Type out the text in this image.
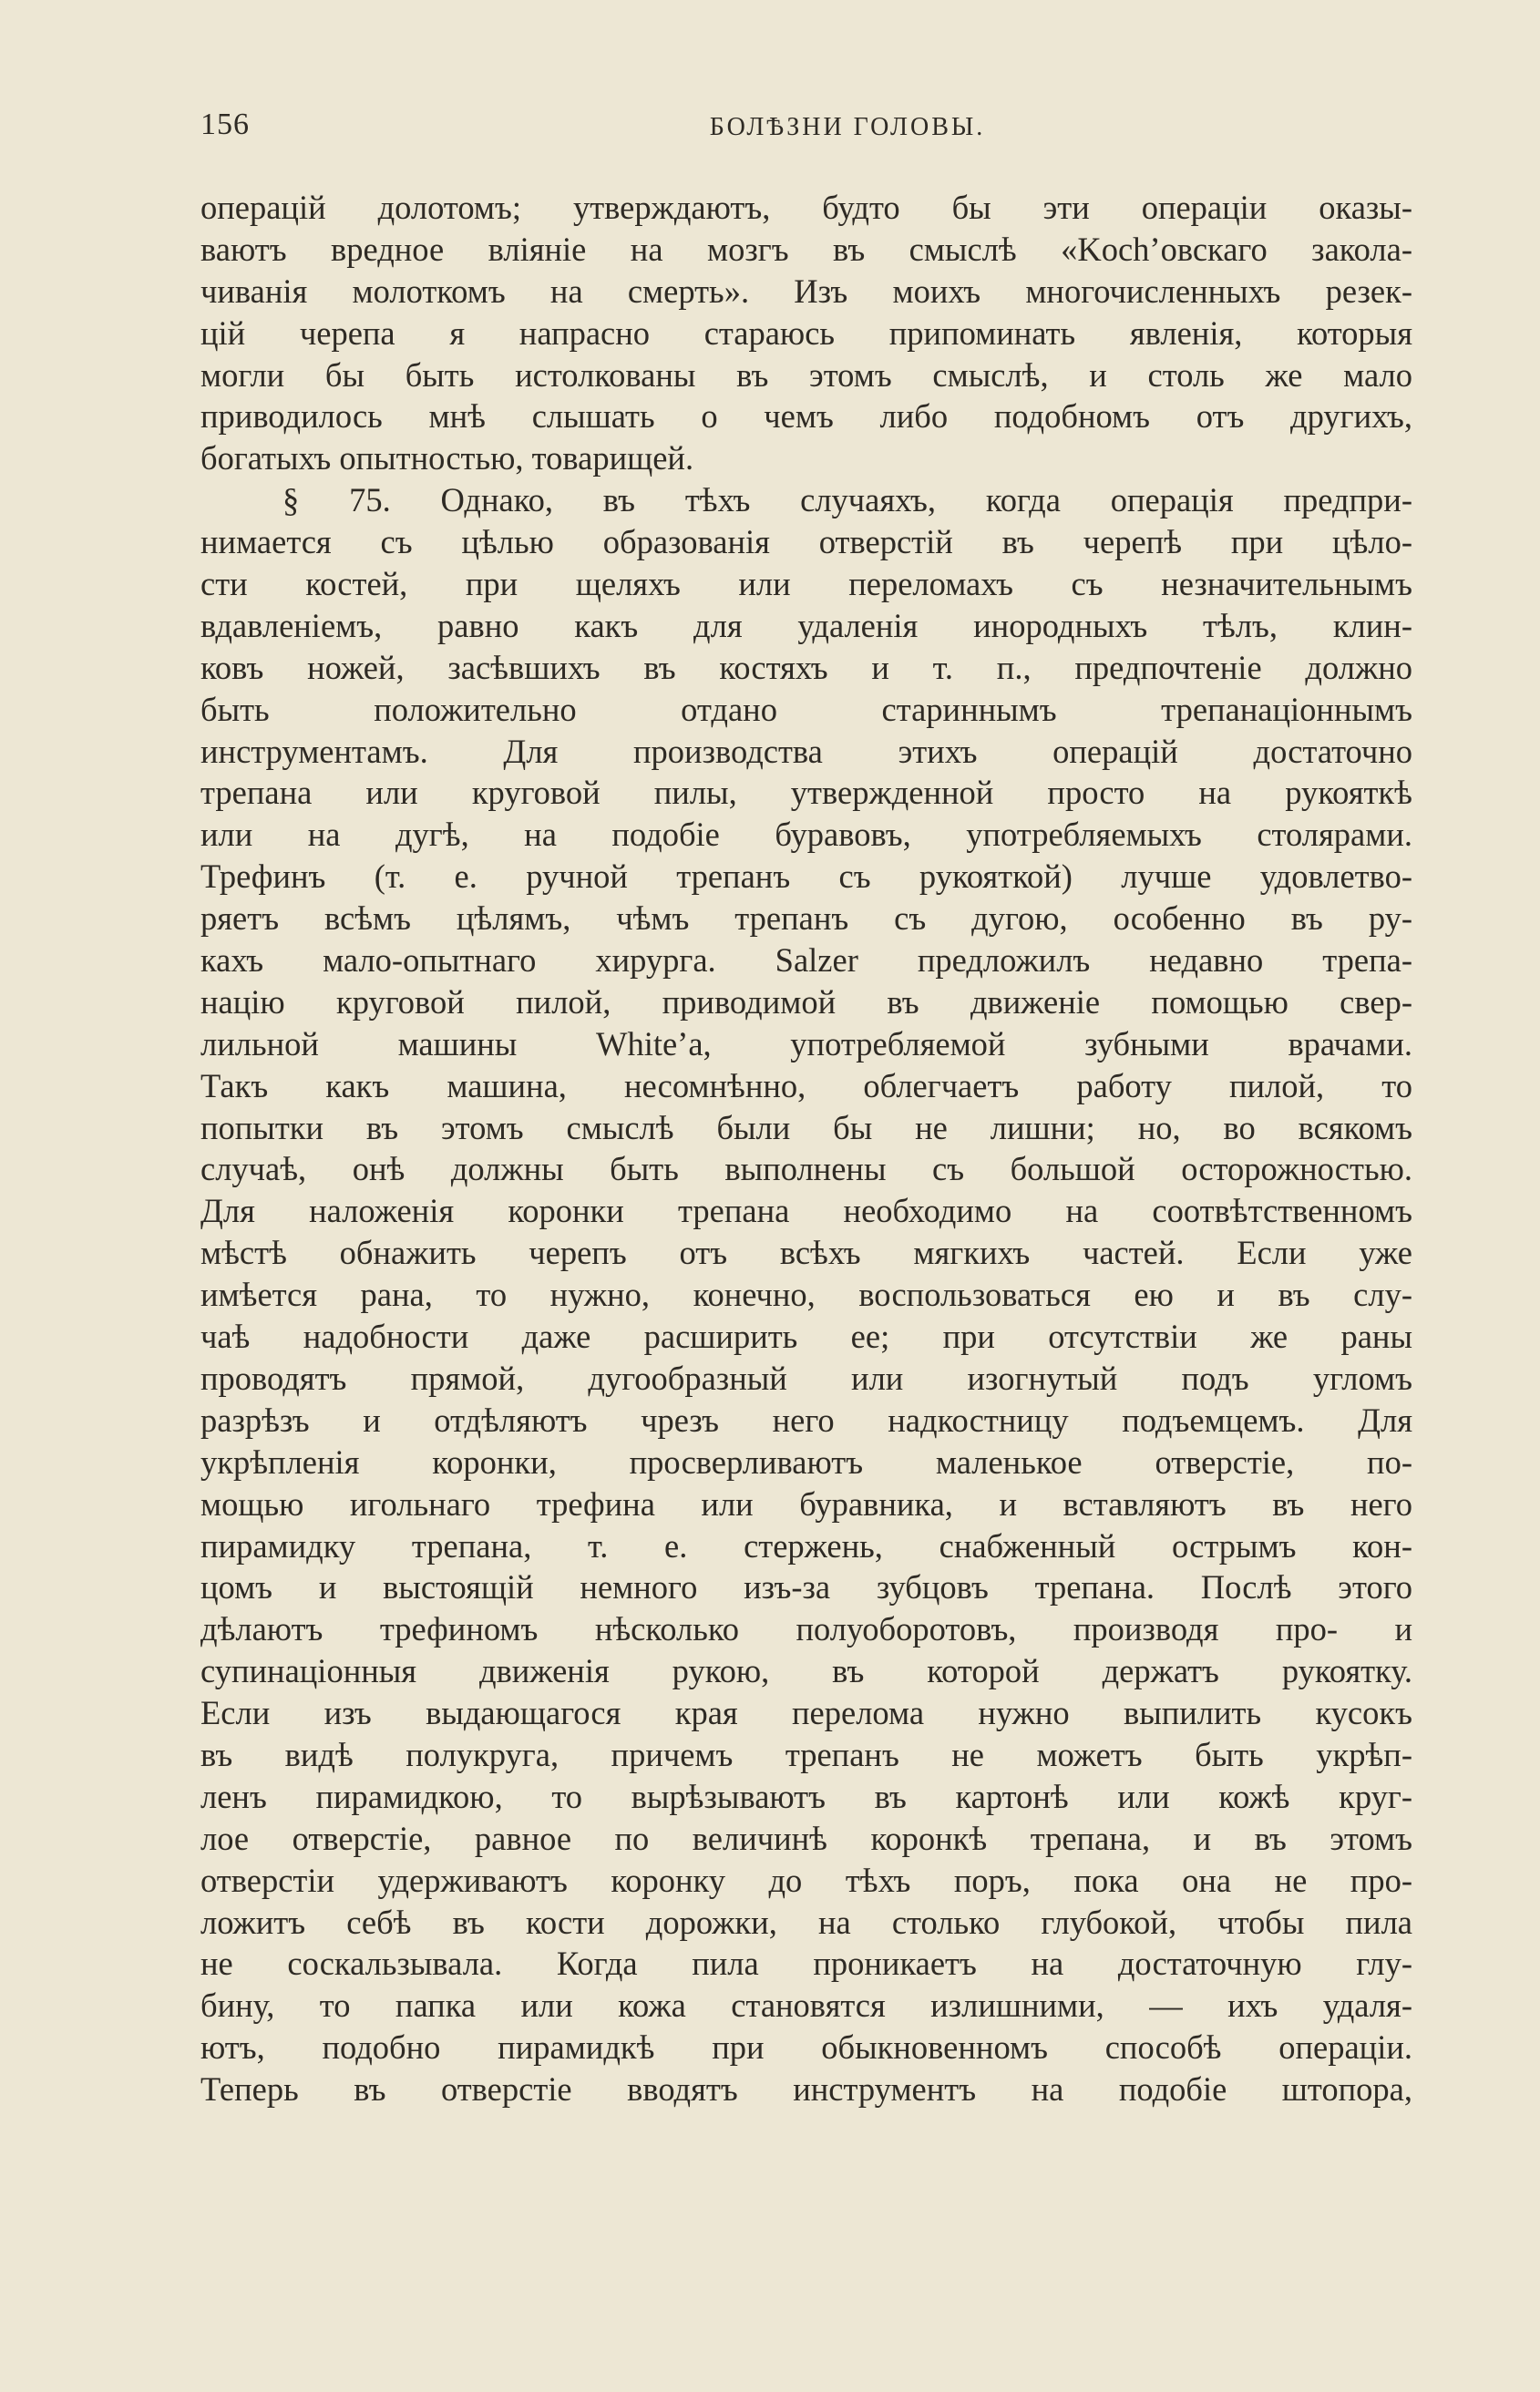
156	БОЛѢЗНИ ГОЛОВЫ.
операцій долотомъ; утверждаютъ, будто бы эти операціи оказы-
ваютъ вредное вліяніе на мозгъ въ смыслѣ «Koch’овскаго закола-
чиванія молоткомъ на смерть». Изъ моихъ многочисленныхъ резек-
цій черепа я напрасно стараюсь припоминать явленія, которыя
могли бы быть истолкованы въ этомъ смыслѣ, и столь же мало
приводилось мнѣ слышать о чемъ либо подобномъ отъ другихъ,
богатыхъ опытностью, товарищей.
§ 75. Однако, въ тѣхъ случаяхъ, когда операція предпри-
нимается съ цѣлью образованія отверстій въ черепѣ при цѣло-
сти костей, при щеляхъ или переломахъ съ незначительнымъ
вдавленіемъ, равно какъ для удаленія инородныхъ тѣлъ, клин-
ковъ ножей, засѣвшихъ въ костяхъ и т. п., предпочтеніе должно
быть положительно отдано стариннымъ трепанаціоннымъ
инструментамъ. Для производства этихъ операцій достаточно
трепана или круговой пилы, утвержденной просто на рукояткѣ
или на дугѣ, на подобіе буравовъ, употребляемыхъ столярами.
Трефинъ (т. е. ручной трепанъ съ рукояткой) лучше удовлетво-
ряетъ всѣмъ цѣлямъ, чѣмъ трепанъ съ дугою, особенно въ ру-
кахъ мало-опытнаго хирурга. Salzer предложилъ недавно трепа-
націю круговой пилой, приводимой въ движеніе помощью свер-
лильной машины White’а, употребляемой зубными врачами.
Такъ какъ машина, несомнѣнно, облегчаетъ работу пилой, то
попытки въ этомъ смыслѣ были бы не лишни; но, во всякомъ
случаѣ, онѣ должны быть выполнены съ большой осторожностью.
Для наложенія коронки трепана необходимо на соотвѣтственномъ
мѣстѣ обнажить черепъ отъ всѣхъ мягкихъ частей. Если уже
имѣется рана, то нужно, конечно, воспользоваться ею и въ слу-
чаѣ надобности даже расширить ее; при отсутствіи же раны
проводятъ прямой, дугообразный или изогнутый подъ угломъ
разрѣзъ и отдѣляютъ чрезъ него надкостницу подъемцемъ. Для
укрѣпленія коронки, просверливаютъ маленькое отверстіе, по-
мощью игольнаго трефина или буравника, и вставляютъ въ него
пирамидку трепана, т. е. стержень, снабженный острымъ кон-
цомъ и выстоящій немного изъ-за зубцовъ трепана. Послѣ этого
дѣлаютъ трефиномъ нѣсколько полуоборотовъ, производя про- и
супинаціонныя движенія рукою, въ которой держатъ рукоятку.
Если изъ выдающагося края перелома нужно выпилить кусокъ
въ видѣ полукруга, причемъ трепанъ не можетъ быть укрѣп-
ленъ пирамидкою, то вырѣзываютъ въ картонѣ или кожѣ круг-
лое отверстіе, равное по величинѣ коронкѣ трепана, и въ этомъ
отверстіи удерживаютъ коронку до тѣхъ поръ, пока она не про-
ложитъ себѣ въ кости дорожки, на столько глубокой, чтобы пила
не соскальзывала. Когда пила проникаетъ на достаточную глу-
бину, то папка или кожа становятся излишними, — ихъ удаля-
ютъ, подобно пирамидкѣ при обыкновенномъ способѣ операціи.
Теперь въ отверстіе вводятъ инструментъ на подобіе штопора,
